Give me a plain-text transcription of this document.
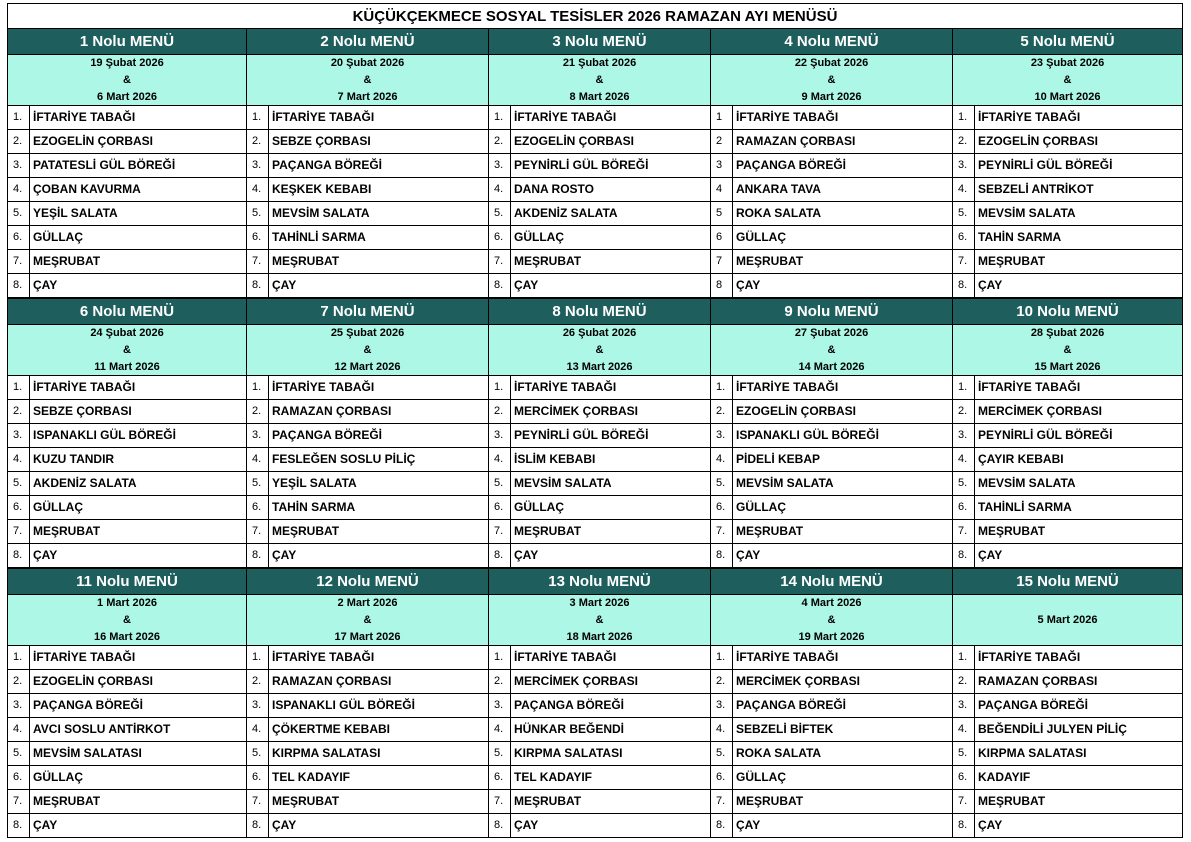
KÜÇÜKÇEKMECE SOSYAL TESİSLER 2026 RAMAZAN AYI MENÜSÜ
1 Nolu MENÜ
19 Şubat 2026
&
6 Mart 2026
1. İFTARİYE TABAĞI
2. EZOGELİN ÇORBASI
3. PATATESLİ GÜL BÖREĞİ
4. ÇOBAN KAVURMA
5. YEŞİL SALATA
6. GÜLLAÇ
7. MEŞRUBAT
8. ÇAY
2 Nolu MENÜ
20 Şubat 2026
&
7 Mart 2026
1. İFTARİYE TABAĞI
2. SEBZE ÇORBASI
3. PAÇANGA BÖREĞİ
4. KEŞKEK KEBABI
5. MEVSİM SALATA
6. TAHİNLİ SARMA
7. MEŞRUBAT
8. ÇAY
3 Nolu MENÜ
21 Şubat 2026
&
8 Mart 2026
1. İFTARİYE TABAĞI
2. EZOGELİN ÇORBASI
3. PEYNİRLİ GÜL BÖREĞİ
4. DANA ROSTO
5. AKDENİZ SALATA
6. GÜLLAÇ
7. MEŞRUBAT
8. ÇAY
4 Nolu MENÜ
22 Şubat 2026
&
9 Mart 2026
1	İFTARİYE TABAĞI
2	RAMAZAN ÇORBASI
3	PAÇANGA BÖREĞİ
4	ANKARA TAVA
5	ROKA SALATA
6	GÜLLAÇ
7	MEŞRUBAT
8	ÇAY
5 Nolu MENÜ
23 Şubat 2026
&
10 Mart 2026
1. İFTARİYE TABAĞI
2. EZOGELİN ÇORBASI
3. PEYNİRLİ GÜL BÖREĞİ
4. SEBZELİ ANTRİKOT
5. MEVSİM SALATA
6. TAHİN SARMA
7. MEŞRUBAT
8. ÇAY
6 Nolu MENÜ
24 Şubat 2026
&
11 Mart 2026
1. İFTARİYE TABAĞI
2. SEBZE ÇORBASI
3. ISPANAKLI GÜL BÖREĞİ
4. KUZU TANDIR
5. AKDENİZ SALATA
6. GÜLLAÇ
7. MEŞRUBAT
8. ÇAY
7 Nolu MENÜ
25 Şubat 2026
&
12 Mart 2026
1. İFTARİYE TABAĞI
2. RAMAZAN ÇORBASI
3. PAÇANGA BÖREĞİ
4. FESLEĞEN SOSLU PİLİÇ
5. YEŞİL SALATA
6. TAHİN SARMA
7. MEŞRUBAT
8. ÇAY
8 Nolu MENÜ
26 Şubat 2026
&
13 Mart 2026
1. İFTARİYE TABAĞI
2. MERCİMEK ÇORBASI
3. PEYNİRLİ GÜL BÖREĞİ
4. İSLİM KEBABI
5. MEVSİM SALATA
6. GÜLLAÇ
7. MEŞRUBAT
8. ÇAY
9 Nolu MENÜ
27 Şubat 2026
&
14 Mart 2026
1. İFTARİYE TABAĞI
2. EZOGELİN ÇORBASI
3. ISPANAKLI GÜL BÖREĞİ
4. PİDELİ KEBAP
5. MEVSİM SALATA
6. GÜLLAÇ
7. MEŞRUBAT
8. ÇAY
10 Nolu MENÜ
28 Şubat 2026
&
15 Mart 2026
1. İFTARİYE TABAĞI
2. MERCİMEK ÇORBASI
3. PEYNİRLİ GÜL BÖREĞİ
4. ÇAYIR KEBABI
5. MEVSİM SALATA
6. TAHİNLİ SARMA
7. MEŞRUBAT
8. ÇAY
11 Nolu MENÜ
1 Mart 2026
&
16 Mart 2026
1. İFTARİYE TABAĞI
2. EZOGELİN ÇORBASI
3. PAÇANGA BÖREĞİ
4. AVCI SOSLU ANTİRKOT
5. MEVSİM SALATASI
6. GÜLLAÇ
7. MEŞRUBAT
8. ÇAY
12 Nolu MENÜ
2 Mart 2026
&
17 Mart 2026
1. İFTARİYE TABAĞI
2. RAMAZAN ÇORBASI
3. ISPANAKLI GÜL BÖREĞİ
4. ÇÖKERTME KEBABI
5. KIRPMA SALATASI
6. TEL KADAYIF
7. MEŞRUBAT
8. ÇAY
13 Nolu MENÜ
3 Mart 2026
&
18 Mart 2026
1. İFTARİYE TABAĞI
2. MERCİMEK ÇORBASI
3. PAÇANGA BÖREĞİ
4. HÜNKAR BEĞENDİ
5. KIRPMA SALATASI
6. TEL KADAYIF
7. MEŞRUBAT
8. ÇAY
14 Nolu MENÜ
4 Mart 2026
&
19 Mart 2026
1. İFTARİYE TABAĞI
2. MERCİMEK ÇORBASI
3. PAÇANGA BÖREĞİ
4. SEBZELİ BİFTEK
5. ROKA SALATA
6. GÜLLAÇ
7. MEŞRUBAT
8. ÇAY
15 Nolu MENÜ
5 Mart 2026
1. İFTARİYE TABAĞI
2. RAMAZAN ÇORBASI
3. PAÇANGA BÖREĞİ
4. BEĞENDİLİ JULYEN PİLİÇ
5. KIRPMA SALATASI
6. KADAYIF
7. MEŞRUBAT
8. ÇAY
